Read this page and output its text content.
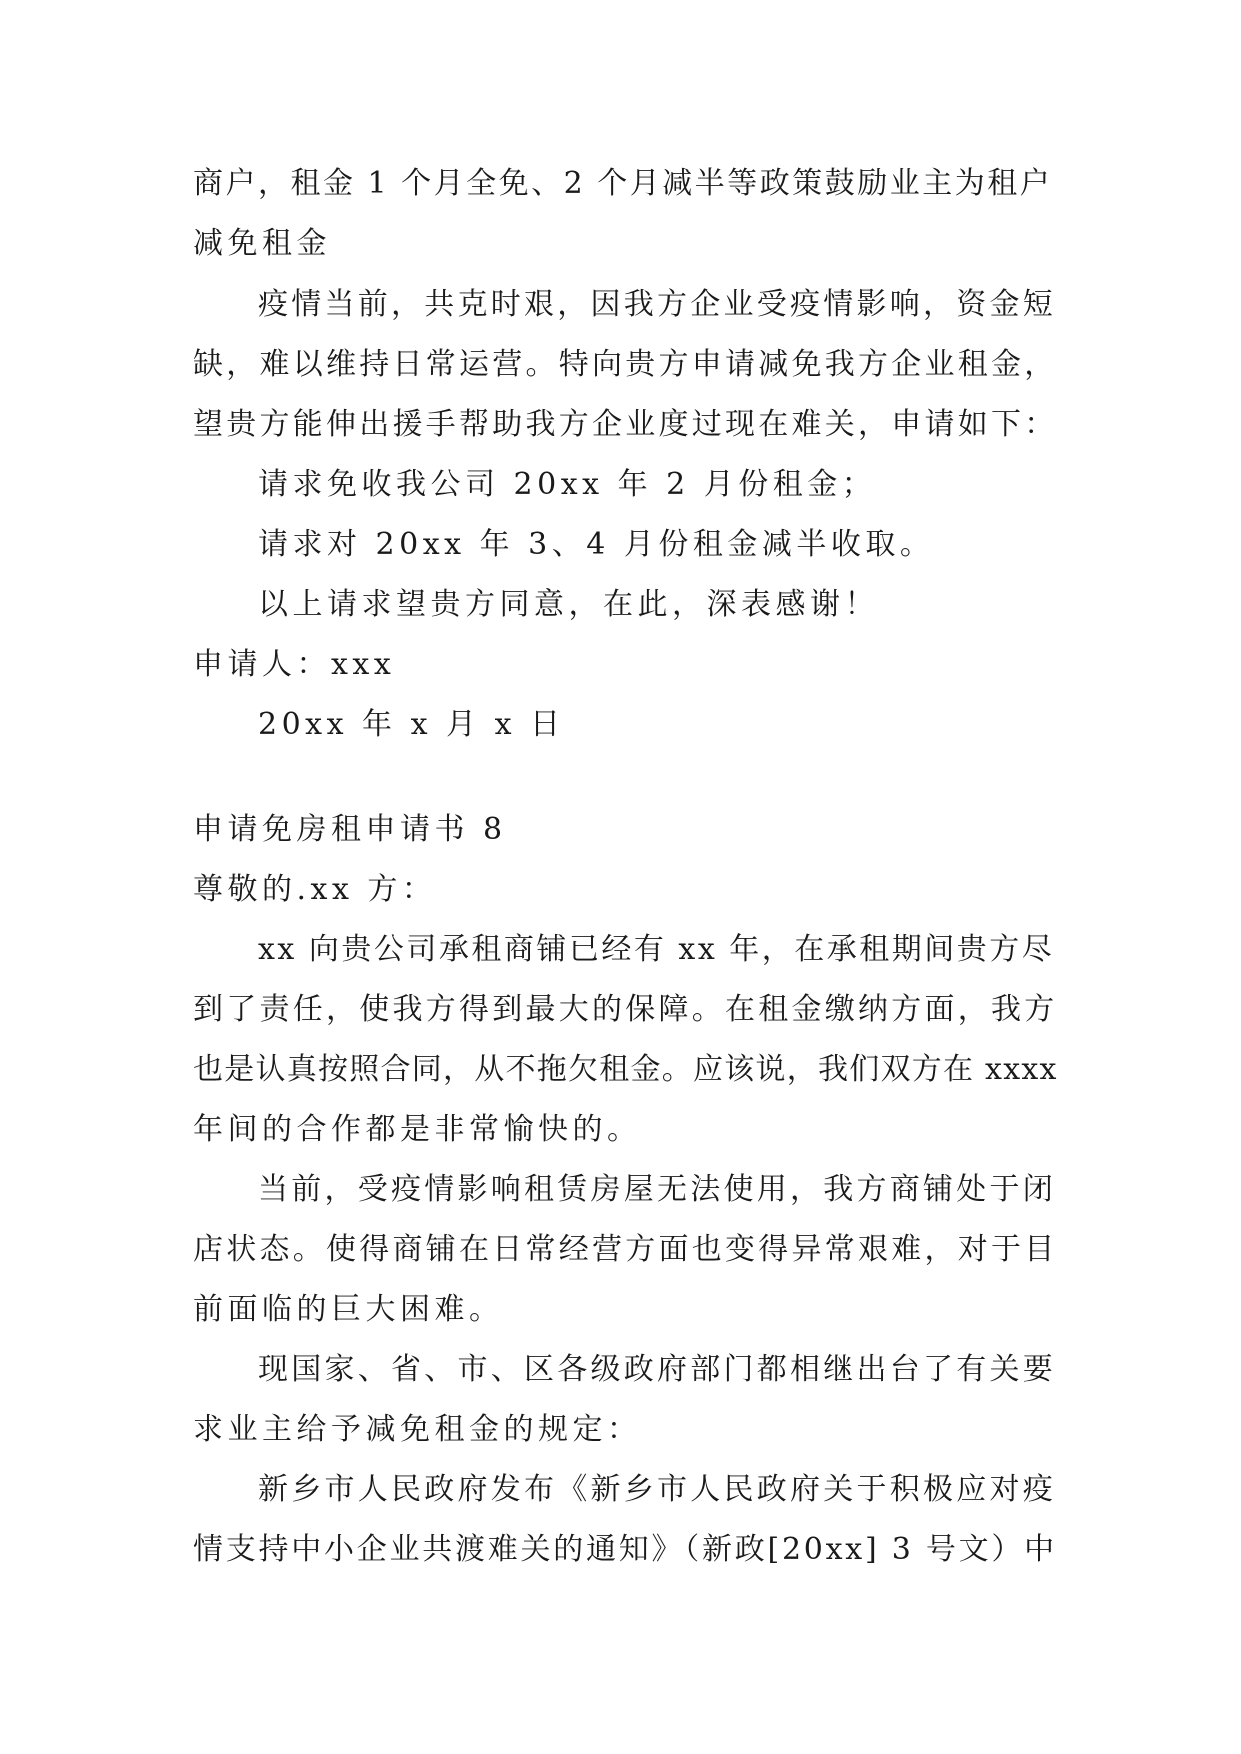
商户，租金 1 个月全免、2 个月减半等政策鼓励业主为租户
减免租金
疫情当前，共克时艰，因我方企业受疫情影响，资金短
缺，难以维持日常运营。特向贵方申请减免我方企业租金，
望贵方能伸出援手帮助我方企业度过现在难关，申请如下：
请求免收我公司 20xx 年 2 月份租金；
请求对 20xx 年 3、4 月份租金减半收取。
以上请求望贵方同意，在此，深表感谢！
申请人：xxx
20xx 年 x 月 x 日
申请免房租申请书 8
尊敬的.xx 方：
xx 向贵公司承租商铺已经有 xx 年，在承租期间贵方尽
到了责任，使我方得到最大的保障。在租金缴纳方面，我方
也是认真按照合同，从不拖欠租金。应该说，我们双方在 xxxx
年间的合作都是非常愉快的。
当前，受疫情影响租赁房屋无法使用，我方商铺处于闭
店状态。使得商铺在日常经营方面也变得异常艰难，对于目
前面临的巨大困难。
现国家、省、市、区各级政府部门都相继出台了有关要
求业主给予减免租金的规定：
新乡市人民政府发布《新乡市人民政府关于积极应对疫
情支持中小企业共渡难关的通知》（新政[20xx] 3 号文）中
